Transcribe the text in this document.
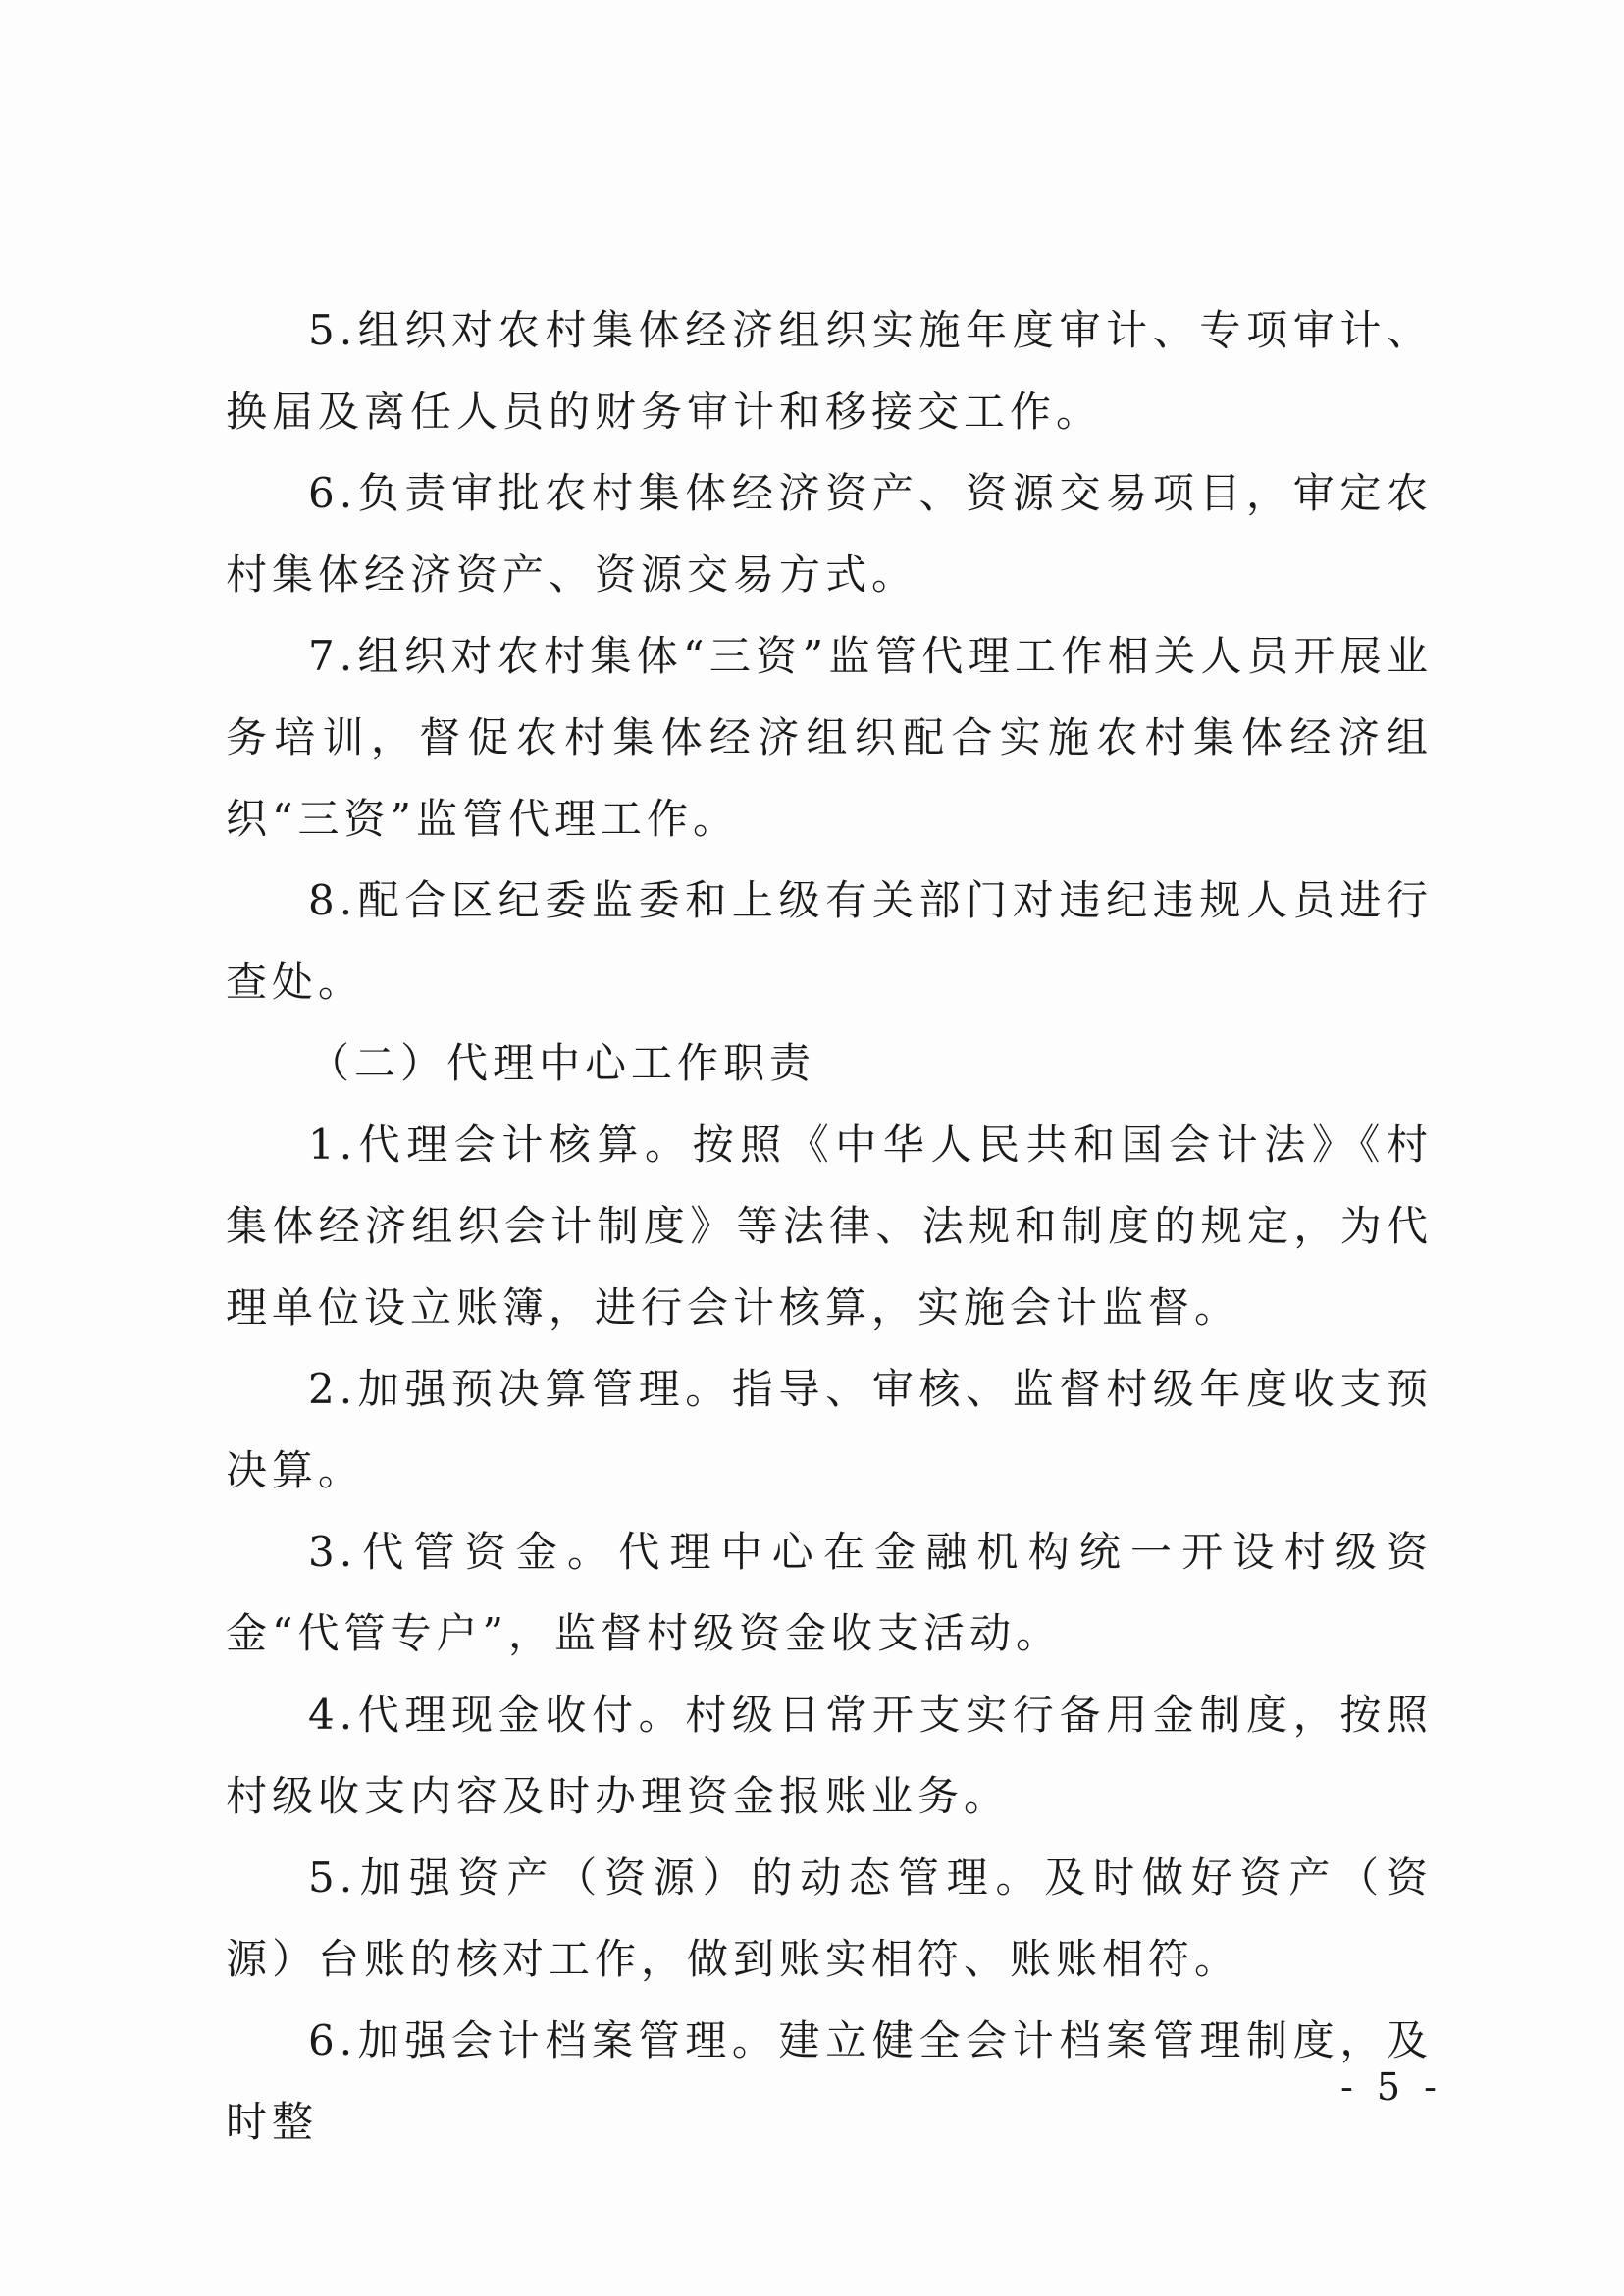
5.组织对农村集体经济组织实施年度审计、专项审计、换届及离任人员的财务审计和移接交工作。

6.负责审批农村集体经济资产、资源交易项目，审定农村集体经济资产、资源交易方式。

7.组织对农村集体“三资”监管代理工作相关人员开展业务培训，督促农村集体经济组织配合实施农村集体经济组织“三资”监管代理工作。

8.配合区纪委监委和上级有关部门对违纪违规人员进行查处。

（二）代理中心工作职责

1.代理会计核算。按照《中华人民共和国会计法》《村集体经济组织会计制度》等法律、法规和制度的规定，为代理单位设立账簿，进行会计核算，实施会计监督。

2.加强预决算管理。指导、审核、监督村级年度收支预决算。

3.代管资金。代理中心在金融机构统一开设村级资金“代管专户”，监督村级资金收支活动。

4.代理现金收付。村级日常开支实行备用金制度，按照村级收支内容及时办理资金报账业务。

5.加强资产（资源）的动态管理。及时做好资产（资源）台账的核对工作，做到账实相符、账账相符。

6.加强会计档案管理。建立健全会计档案管理制度，及时整

- 5 -
